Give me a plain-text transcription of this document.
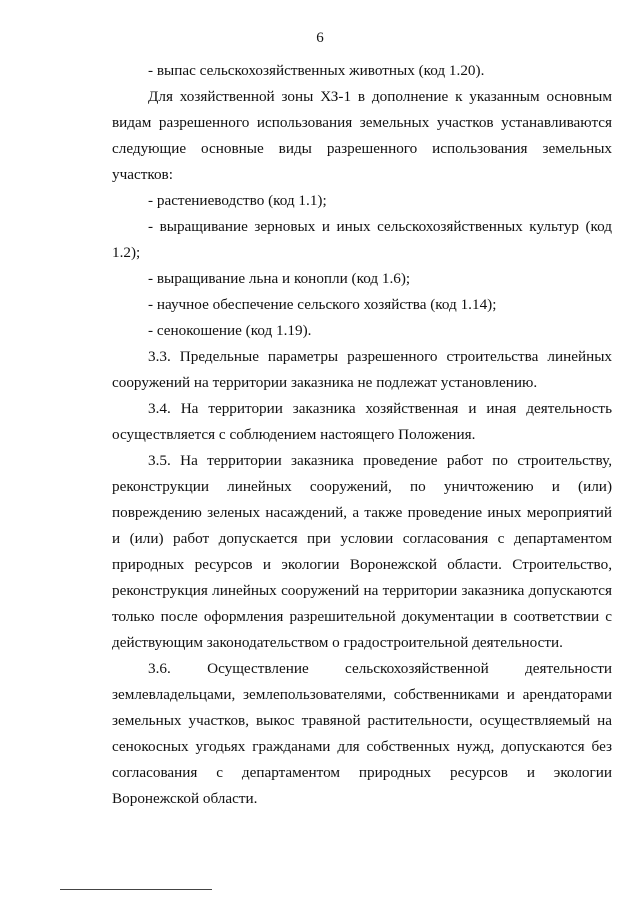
6

- выпас сельскохозяйственных животных (код 1.20).

Для хозяйственной зоны ХЗ-1 в дополнение к указанным основным видам разрешенного использования земельных участков устанавливаются следующие основные виды разрешенного использования земельных участков:

- растениеводство (код 1.1);

- выращивание зерновых и иных сельскохозяйственных культур (код 1.2);

- выращивание льна и конопли (код 1.6);

- научное обеспечение сельского хозяйства (код 1.14);

- сенокошение (код 1.19).

3.3. Предельные параметры разрешенного строительства линейных сооружений на территории заказника не подлежат установлению.

3.4. На территории заказника хозяйственная и иная деятельность осуществляется с соблюдением настоящего Положения.

3.5. На территории заказника проведение работ по строительству, реконструкции линейных сооружений, по уничтожению и (или) повреждению зеленых насаждений, а также проведение иных мероприятий и (или) работ допускается при условии согласования с департаментом природных ресурсов и экологии Воронежской области. Строительство, реконструкция линейных сооружений на территории заказника допускаются только после оформления разрешительной документации в соответствии с действующим законодательством о градостроительной деятельности.

3.6. Осуществление сельскохозяйственной деятельности землевладельцами, землепользователями, собственниками и арендаторами земельных участков, выкос травяной растительности, осуществляемый на сенокосных угодьях гражданами для собственных нужд, допускаются без согласования с департаментом природных ресурсов и экологии Воронежской области.
